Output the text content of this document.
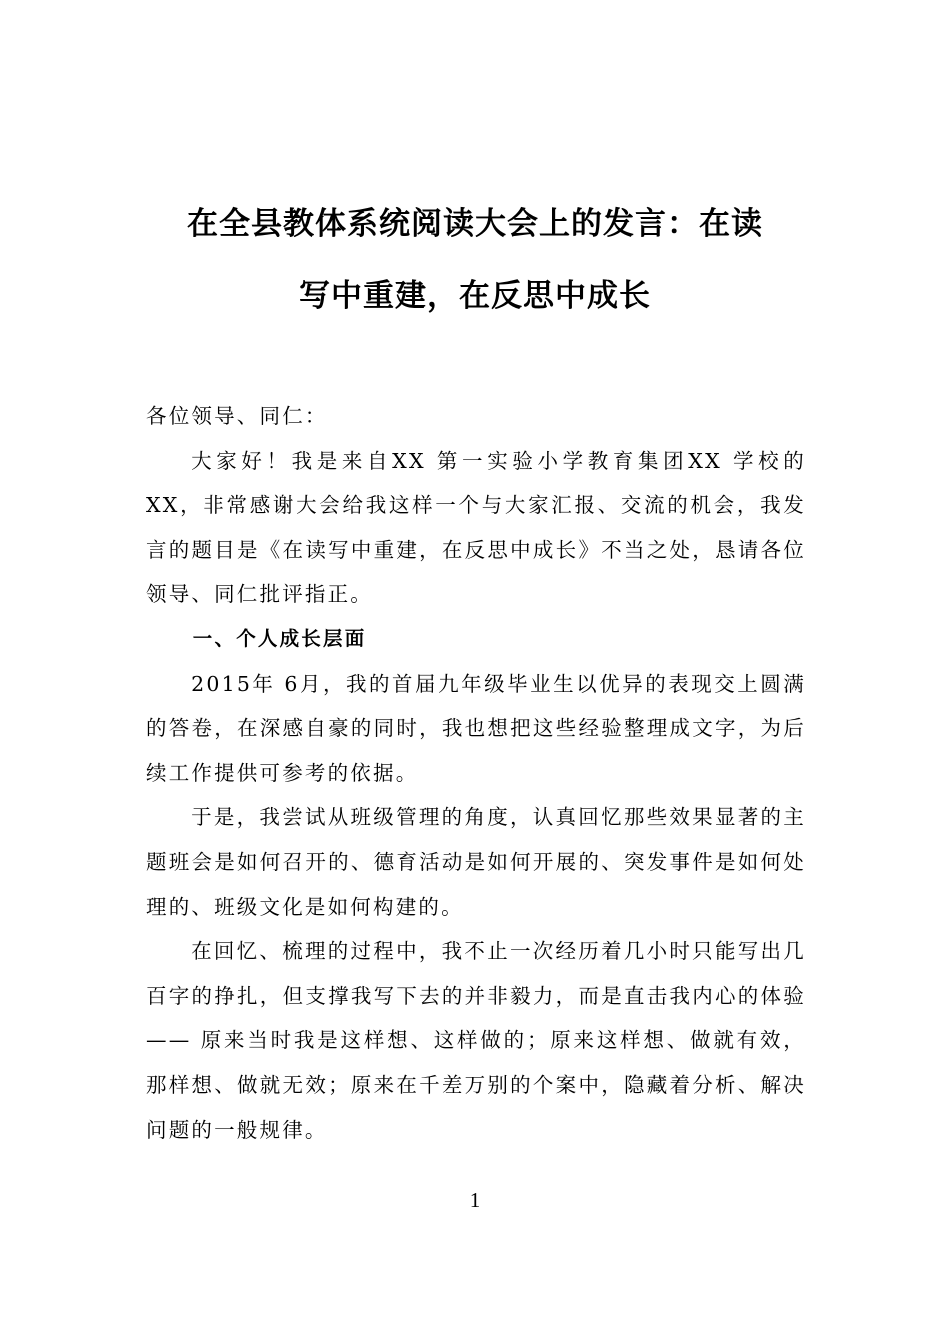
在全县教体系统阅读大会上的发言：在读
写中重建，在反思中成长

各位领导、同仁：

大家好！我是来自XX 第一实验小学教育集团XX 学校的XX，非常感谢大会给我这样一个与大家汇报、交流的机会，我发言的题目是《在读写中重建，在反思中成长》不当之处，恳请各位领导、同仁批评指正。

一、个人成长层面

2015年 6月，我的首届九年级毕业生以优异的表现交上圆满的答卷，在深感自豪的同时，我也想把这些经验整理成文字，为后续工作提供可参考的依据。

于是，我尝试从班级管理的角度，认真回忆那些效果显著的主题班会是如何召开的、德育活动是如何开展的、突发事件是如何处理的、班级文化是如何构建的。

在回忆、梳理的过程中，我不止一次经历着几小时只能写出几百字的挣扎，但支撑我写下去的并非毅力，而是直击我内心的体验 —— 原来当时我是这样想、这样做的；原来这样想、做就有效，那样想、做就无效；原来在千差万别的个案中，隐藏着分析、解决问题的一般规律。

1
